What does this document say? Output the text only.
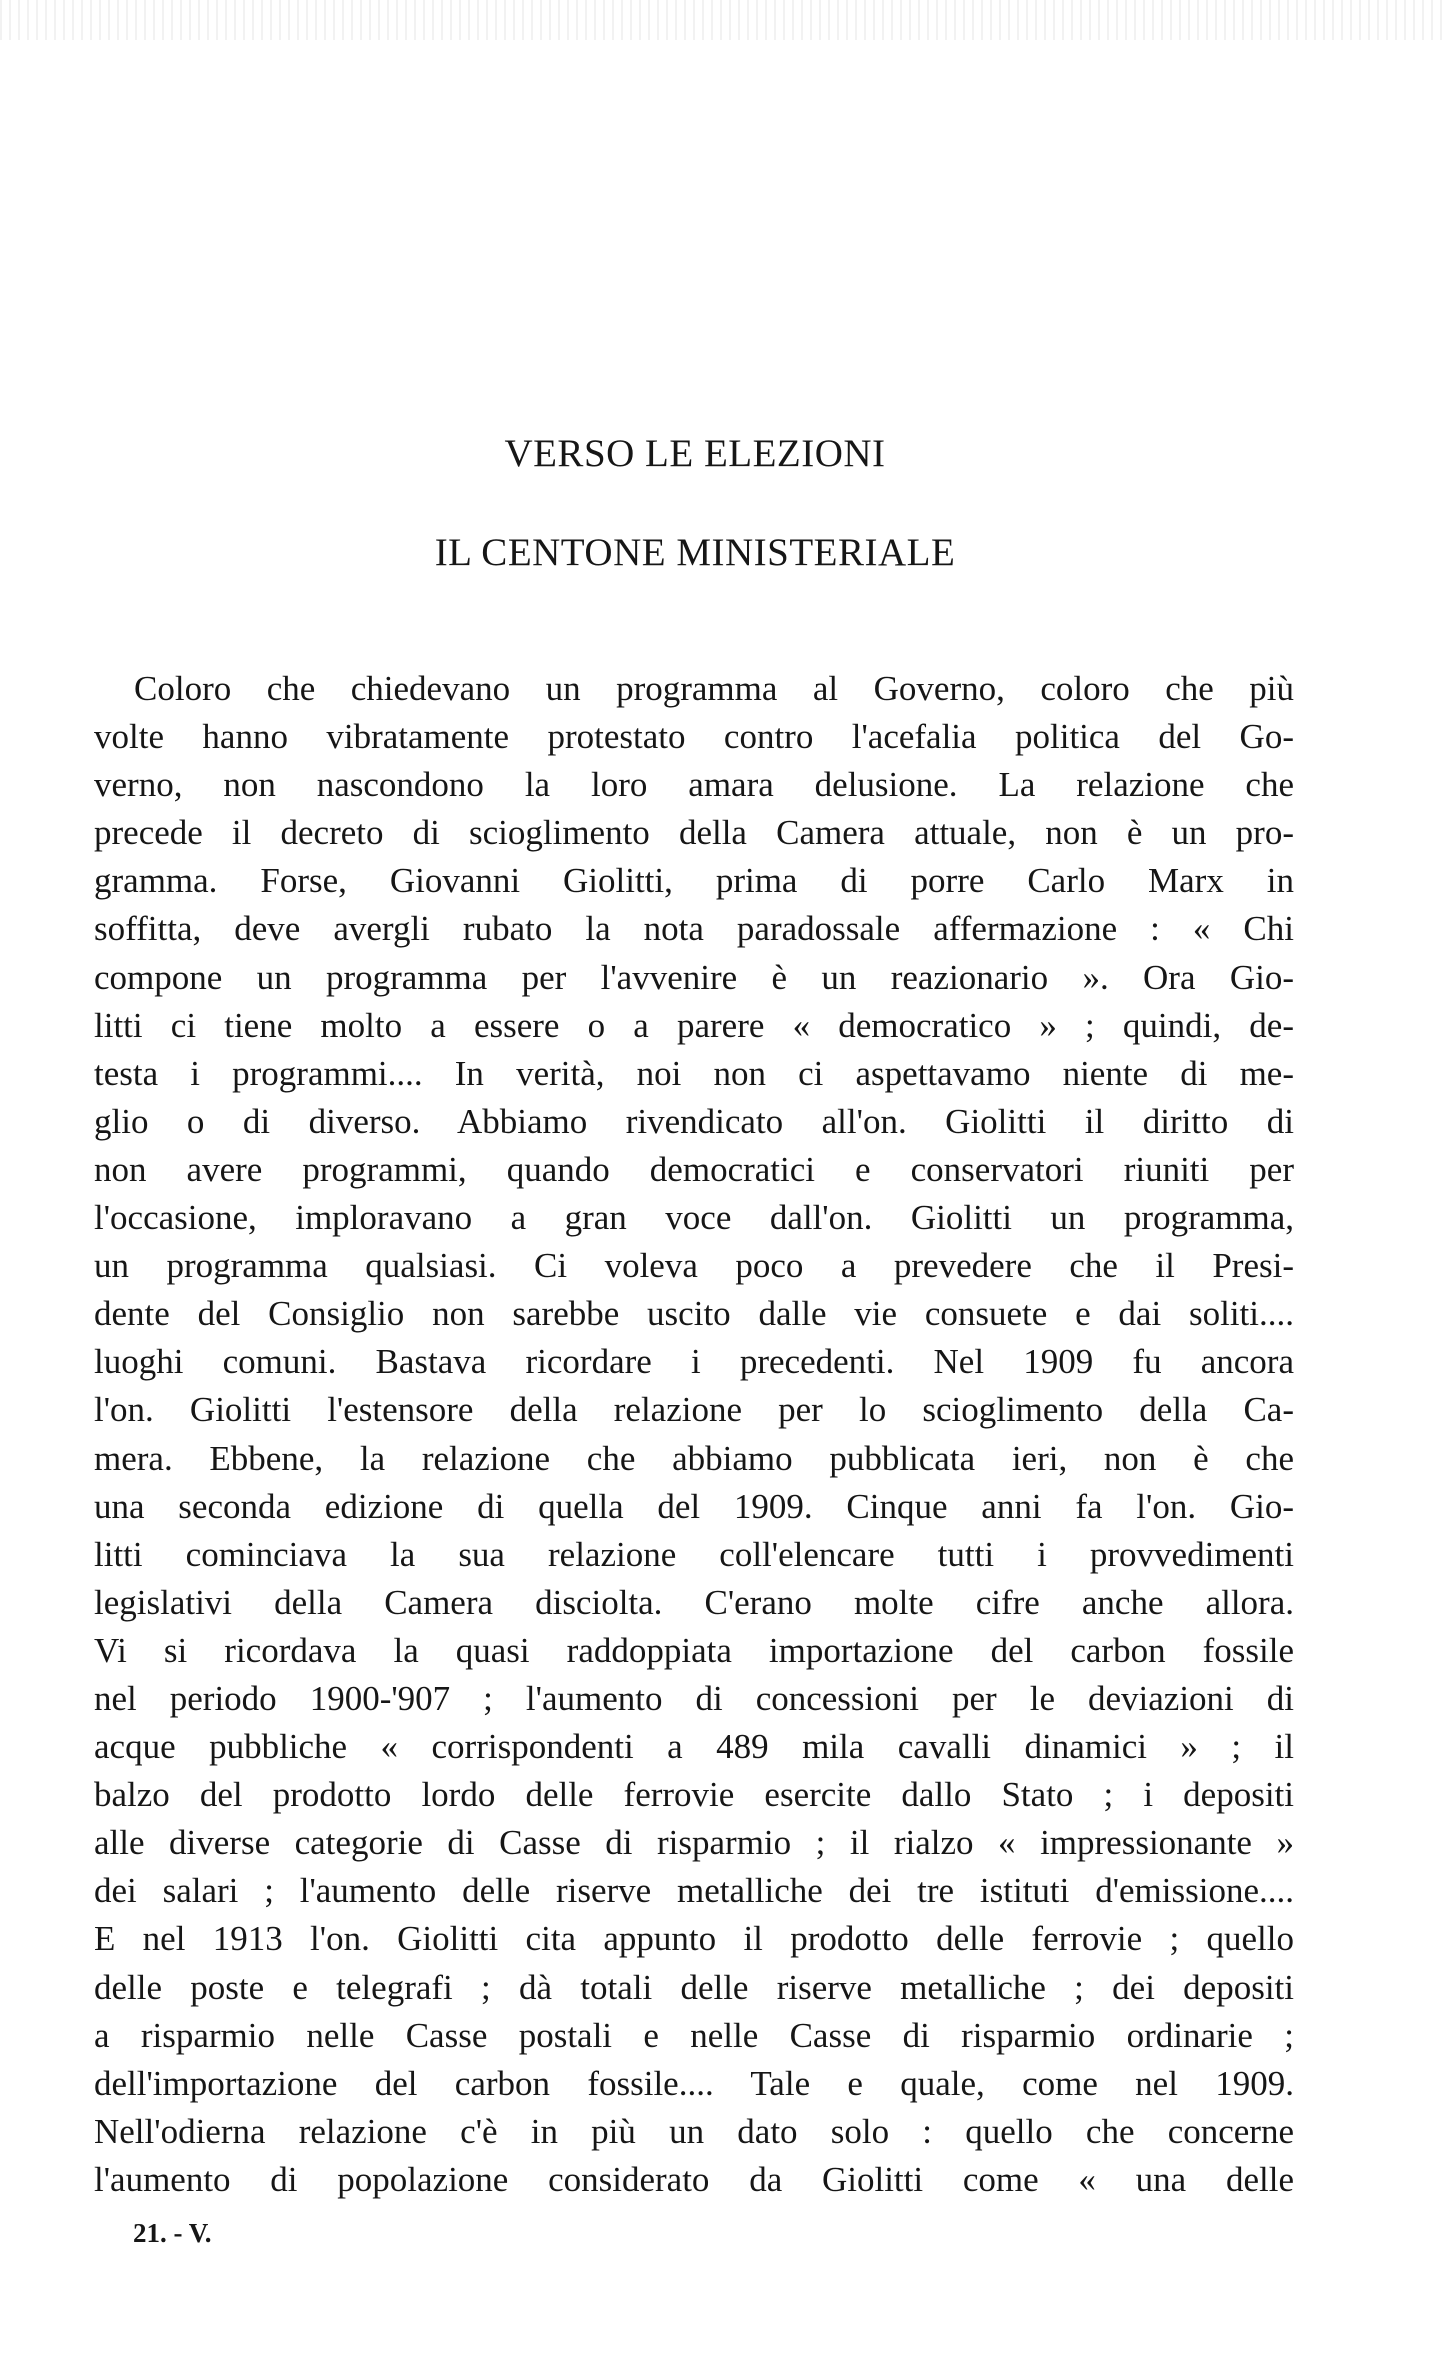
VERSO LE ELEZIONI
IL CENTONE MINISTERIALE
Coloro che chiedevano un programma al Governo, coloro che più
volte hanno vibratamente protestato contro l'acefalia politica del Go-
verno, non nascondono la loro amara delusione. La relazione che
precede il decreto di scioglimento della Camera attuale, non è un pro-
gramma. Forse, Giovanni Giolitti, prima di porre Carlo Marx in
soffitta, deve avergli rubato la nota paradossale affermazione : « Chi
compone un programma per l'avvenire è un reazionario ». Ora Gio-
litti ci tiene molto a essere o a parere « democratico » ; quindi, de-
testa i programmi.... In verità, noi non ci aspettavamo niente di me-
glio o di diverso. Abbiamo rivendicato all'on. Giolitti il diritto di
non avere programmi, quando democratici e conservatori riuniti per
l'occasione, imploravano a gran voce dall'on. Giolitti un programma,
un programma qualsiasi. Ci voleva poco a prevedere che il Presi-
dente del Consiglio non sarebbe uscito dalle vie consuete e dai soliti....
luoghi comuni. Bastava ricordare i precedenti. Nel 1909 fu ancora
l'on. Giolitti l'estensore della relazione per lo scioglimento della Ca-
mera. Ebbene, la relazione che abbiamo pubblicata ieri, non è che
una seconda edizione di quella del 1909. Cinque anni fa l'on. Gio-
litti cominciava la sua relazione coll'elencare tutti i provvedimenti
legislativi della Camera disciolta. C'erano molte cifre anche allora.
Vi si ricordava la quasi raddoppiata importazione del carbon fossile
nel periodo 1900-'907 ; l'aumento di concessioni per le deviazioni di
acque pubbliche « corrispondenti a 489 mila cavalli dinamici » ; il
balzo del prodotto lordo delle ferrovie esercite dallo Stato ; i depositi
alle diverse categorie di Casse di risparmio ; il rialzo « impressionante »
dei salari ; l'aumento delle riserve metalliche dei tre istituti d'emissione....
E nel 1913 l'on. Giolitti cita appunto il prodotto delle ferrovie ; quello
delle poste e telegrafi ; dà totali delle riserve metalliche ; dei depositi
a risparmio nelle Casse postali e nelle Casse di risparmio ordinarie ;
dell'importazione del carbon fossile.... Tale e quale, come nel 1909.
Nell'odierna relazione c'è in più un dato solo : quello che concerne
l'aumento di popolazione considerato da Giolitti come « una delle
21. - V.
